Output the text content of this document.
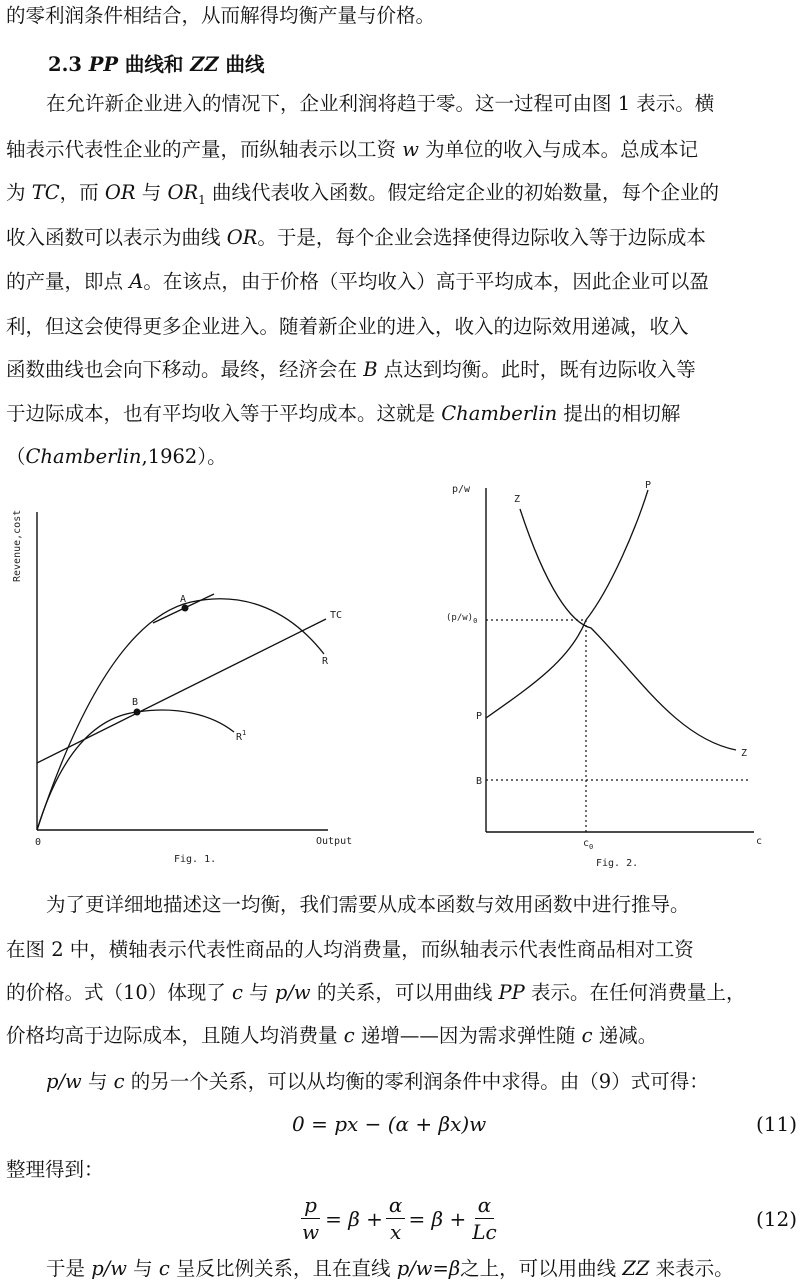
的零利润条件相结合，从而解得均衡产量与价格。
2.3 PP 曲线和 ZZ 曲线
在允许新企业进入的情况下，企业利润将趋于零。这一过程可由图 1 表示。横
轴表示代表性企业的产量，而纵轴表示以工资 w 为单位的收入与成本。总成本记
为 TC，而 OR 与 $OR_1$ 曲线代表收入函数。假定给定企业的初始数量，每个企业的
收入函数可以表示为曲线 OR。于是，每个企业会选择使得边际收入等于边际成本
的产量，即点 A。在该点，由于价格（平均收入）高于平均成本，因此企业可以盈
利，但这会使得更多企业进入。随着新企业的进入，收入的边际效用递减，收入
函数曲线也会向下移动。最终，经济会在 B 点达到均衡。此时，既有边际收入等
于边际成本，也有平均收入等于平均成本。这就是 Chamberlin 提出的相切解
（Chamberlin,1962）。
Revenue,cost
0	Output
TC
R
A
B
$R^1$
Fig. 1.
p/w
c
Z
Z
P
P
$(p/w)_0$
B
$c_0$
Fig. 2.
为了更详细地描述这一均衡，我们需要从成本函数与效用函数中进行推导。
在图 2 中，横轴表示代表性商品的人均消费量，而纵轴表示代表性商品相对工资
的价格。式（10）体现了 c 与 p/w 的关系，可以用曲线 PP 表示。在任何消费量上，
价格均高于边际成本，且随人均消费量 c 递增——因为需求弹性随 c 递减。
p/w 与 c 的另一个关系，可以从均衡的零利润条件中求得。由（9）式可得：
0 = px − (α + βx)w	(11)
整理得到：
$\frac{p}{w} = \beta + \frac{\alpha}{x} = \beta + \frac{\alpha}{Lc}$	(12)
于是 p/w 与 c 呈反比例关系，且在直线 p/w=β之上，可以用曲线 ZZ 来表示。
